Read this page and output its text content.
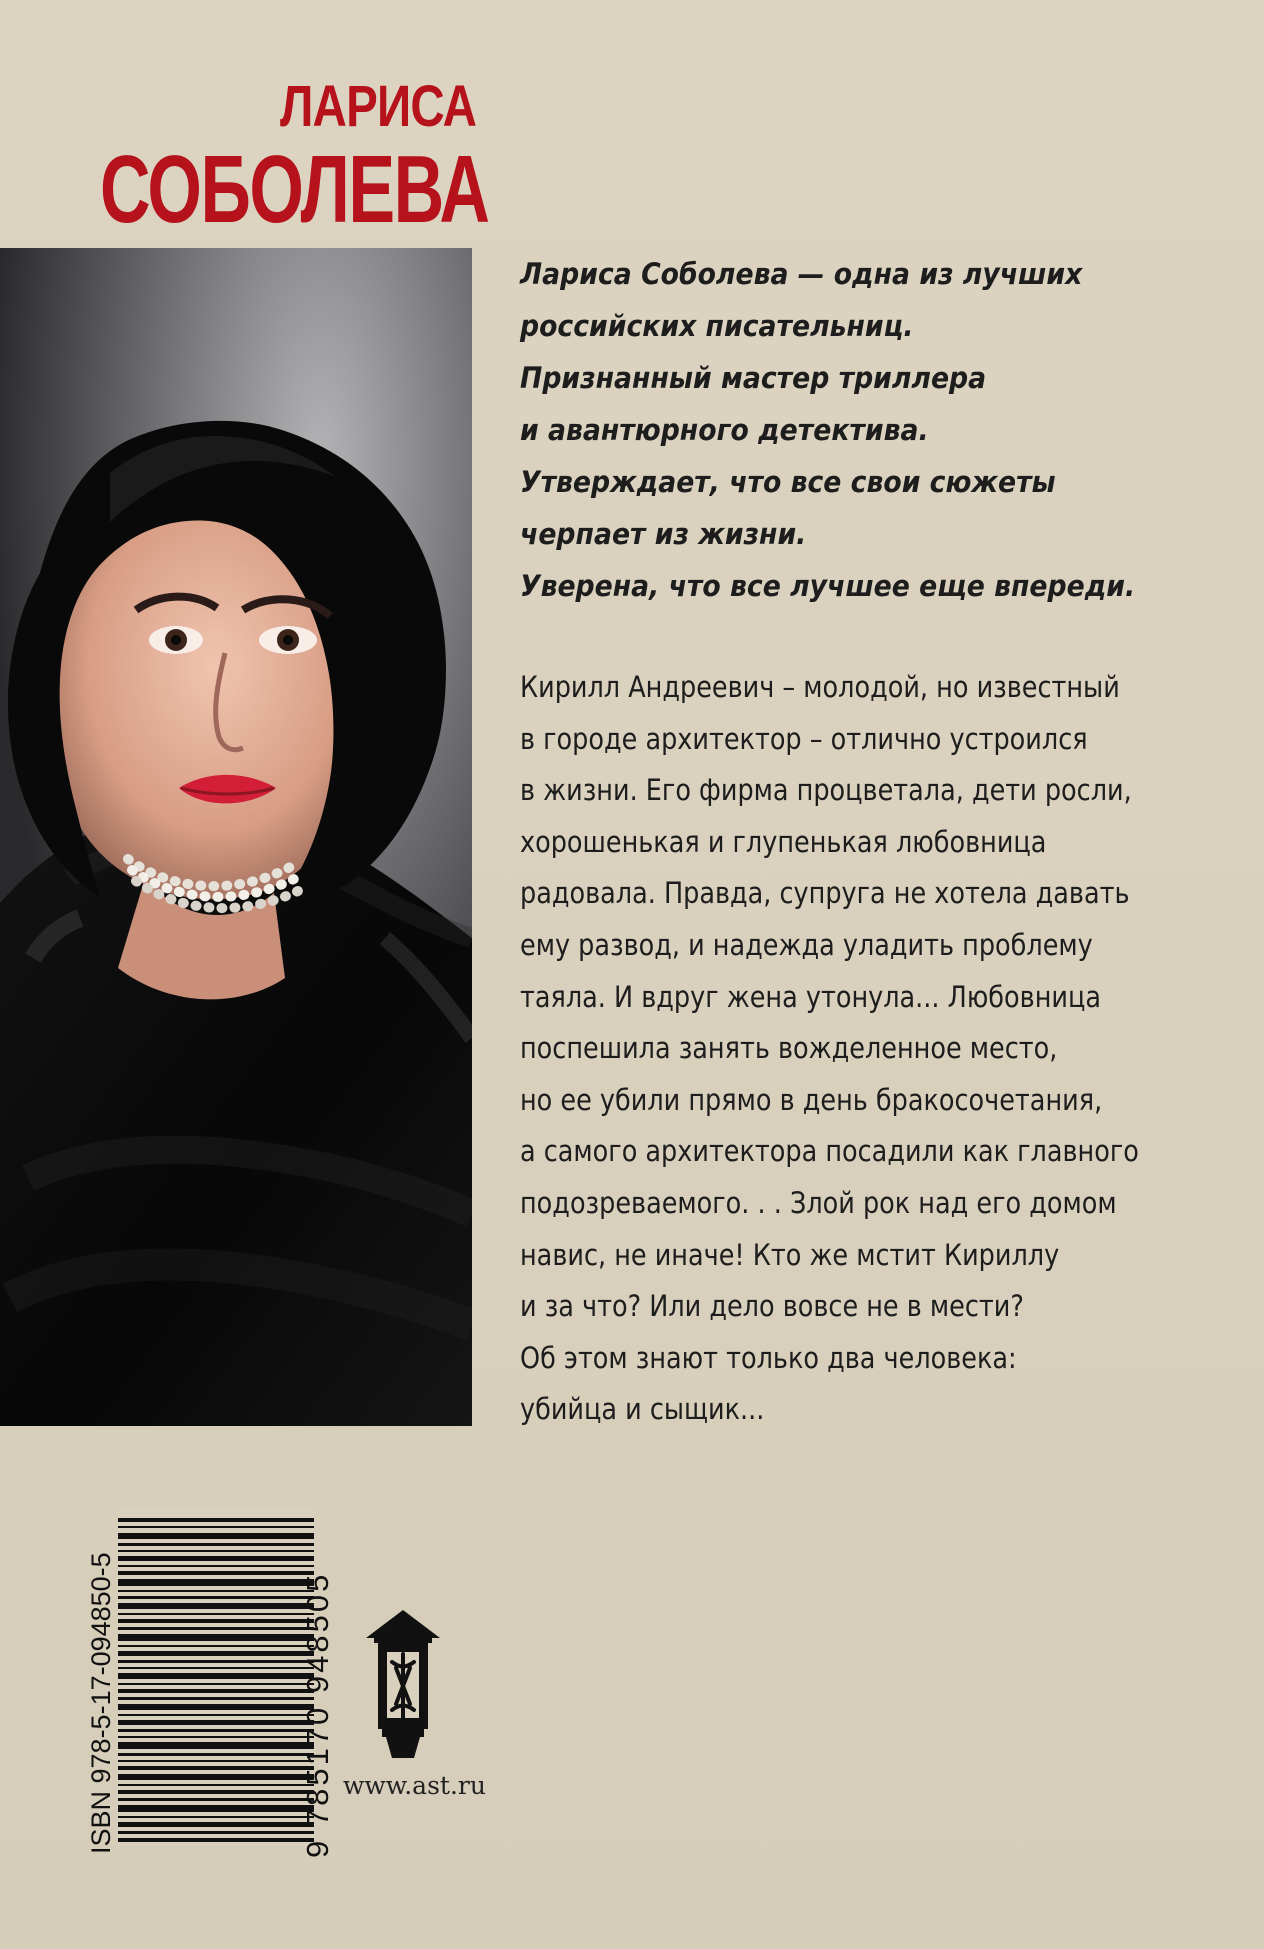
ЛАРИСА
СОБОЛЕВА
Лариса Соболева — одна из лучших
российских писательниц.
Признанный мастер триллера
и авантюрного детектива.
Утверждает, что все свои сюжеты
черпает из жизни.
Уверена, что все лучшее еще впереди.
Кирилл Андреевич – молодой, но известный
в городе архитектор – отлично устроился
в жизни. Его фирма процветала, дети росли,
хорошенькая и глупенькая любовница
радовала. Правда, супруга не хотела давать
ему развод, и надежда уладить проблему
таяла. И вдруг жена утонула... Любовница
поспешила занять вожделенное место,
но ее убили прямо в день бракосочетания,
а самого архитектора посадили как главного
подозреваемого. . . Злой рок над его домом
навис, не иначе! Кто же мстит Кириллу
и за что? Или дело вовсе не в мести?
Об этом знают только два человека:
убийца и сыщик...
ISBN 978-5-17-094850-5	9 785170 948505 www.ast.ru
